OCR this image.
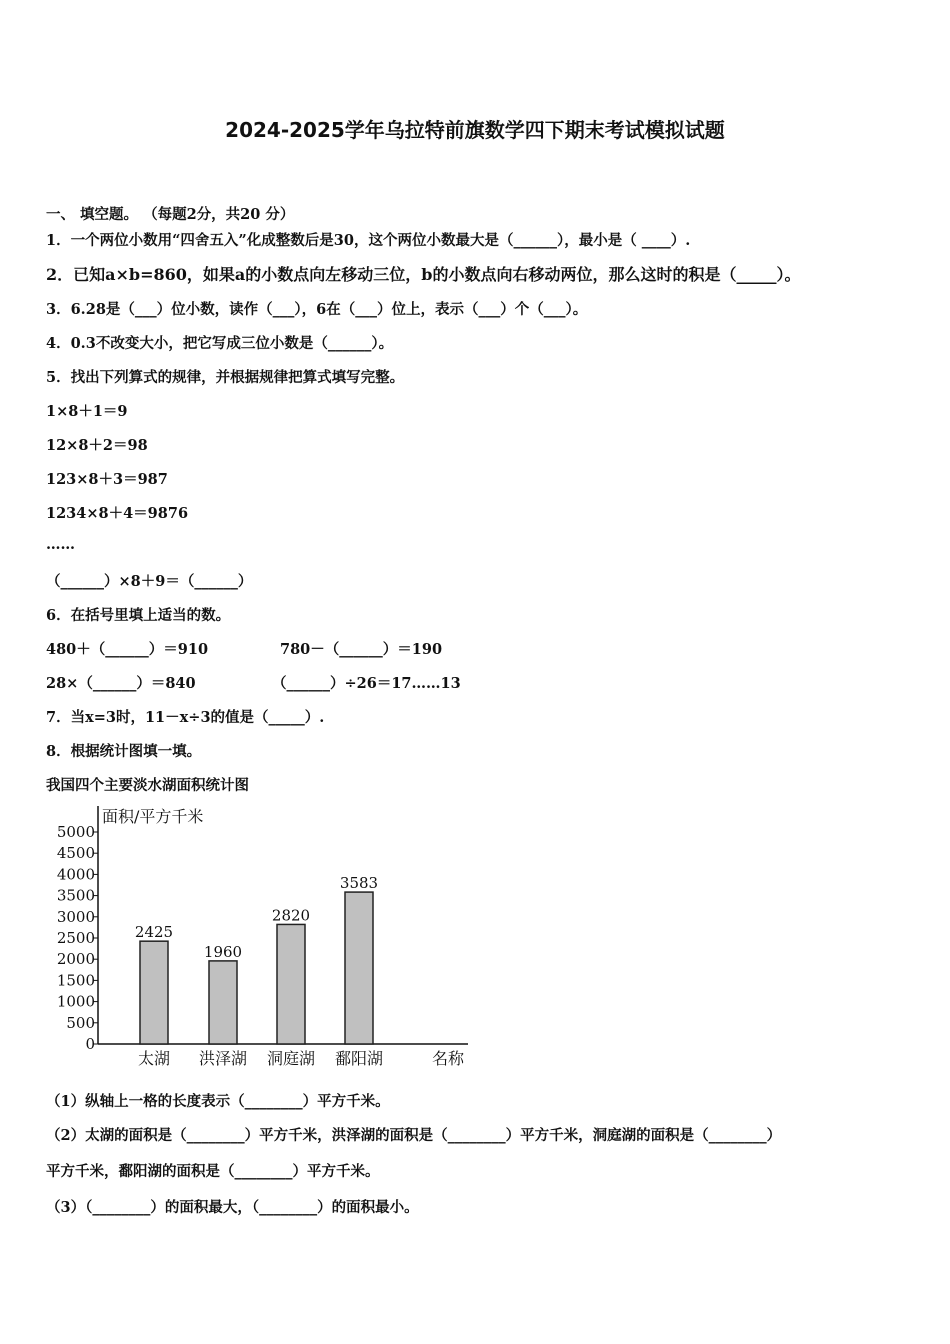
2024-2025学年乌拉特前旗数学四下期末考试模拟试题
一、 填空题。 （每题2分，共20 分）
1．一个两位小数用“四舍五入”化成整数后是30，这个两位小数最大是（______），最小是（ ____）.
2．已知a×b=860，如果a的小数点向左移动三位，b的小数点向右移动两位，那么这时的积是（_____）。
3．6.28是（___）位小数，读作（___），6在（___）位上，表示（___）个（___）。
4．0.3不改变大小，把它写成三位小数是（______）。
5．找出下列算式的规律，并根据规律把算式填写完整。
1×8＋1＝9
12×8＋2＝98
123×8＋3＝987
1234×8＋4＝9876
……
（______）×8＋9＝（______）
6．在括号里填上适当的数。
480＋（______）＝910	780－（______）＝190
28×（______）＝840	（______）÷26＝17……13
7．当x=3时，11－x÷3的值是（_____）.
8．根据统计图填一填。
我国四个主要淡水湖面积统计图
面积/平方千米
0
500
1000
1500
2000
2500
3000
3500
4000
4500
5000
2425
太湖
1960
洪泽湖
2820
洞庭湖
3583
鄱阳湖	名称
（1）纵轴上一格的长度表示（________）平方千米。
（2）太湖的面积是（________）平方千米，洪泽湖的面积是（________）平方千米，洞庭湖的面积是（________）
平方千米，鄱阳湖的面积是（________）平方千米。
（3）（________）的面积最大，（________）的面积最小。
